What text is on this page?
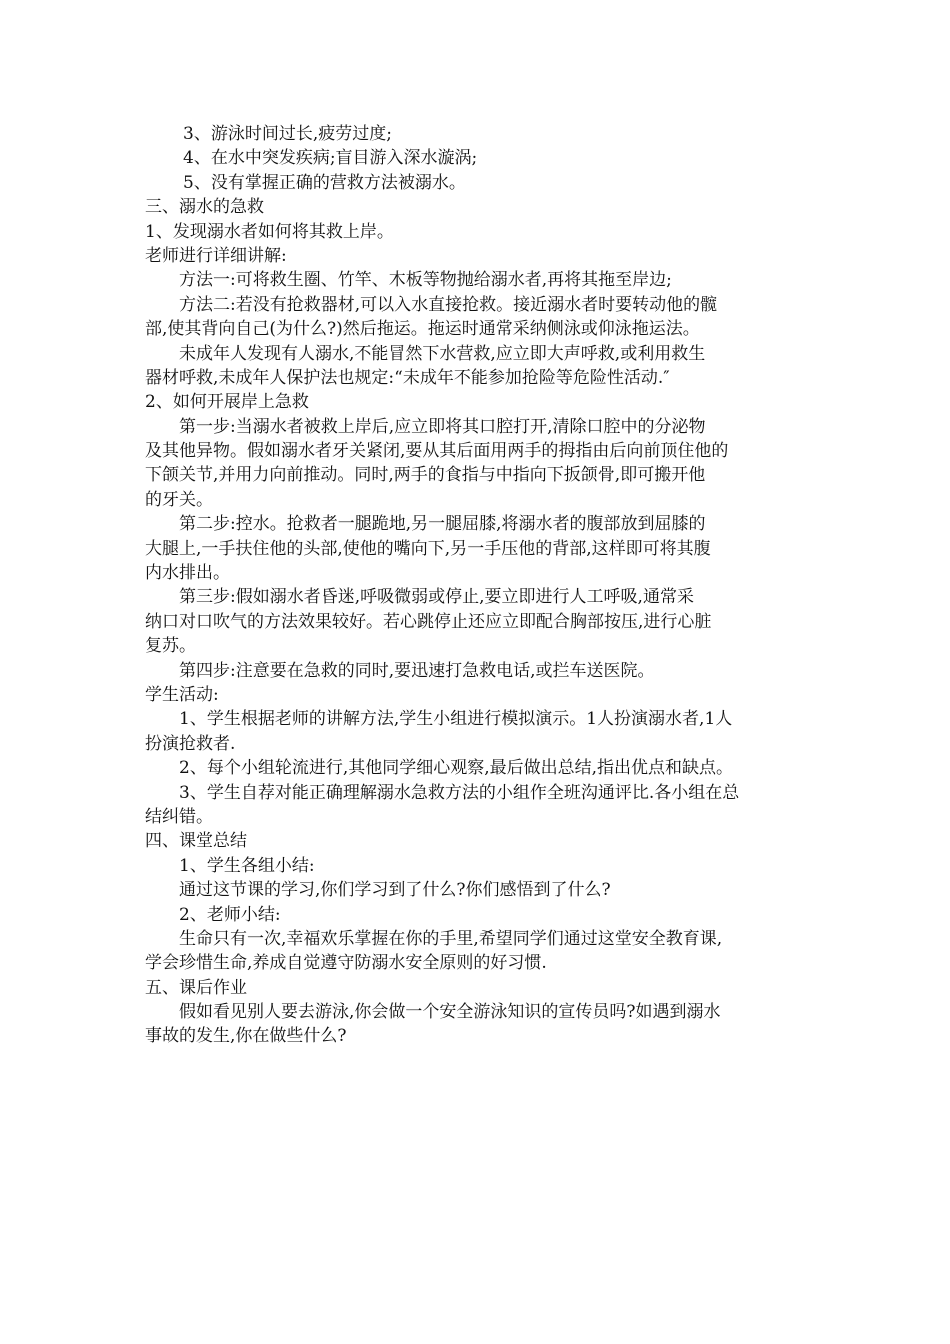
3、游泳时间过长,疲劳过度;
4、在水中突发疾病;盲目游入深水漩涡;
5、没有掌握正确的营救方法被溺水。
三、溺水的急救
1、发现溺水者如何将其救上岸。
老师进行详细讲解:
方法一:可将救生圈、竹竿、木板等物抛给溺水者,再将其拖至岸边;
方法二:若没有抢救器材,可以入水直接抢救。接近溺水者时要转动他的髋
部,使其背向自己(为什么?)然后拖运。拖运时通常采纳侧泳或仰泳拖运法。
未成年人发现有人溺水,不能冒然下水营救,应立即大声呼救,或利用救生
器材呼救,未成年人保护法也规定:“未成年不能参加抢险等危险性活动.″
2、如何开展岸上急救
第一步:当溺水者被救上岸后,应立即将其口腔打开,清除口腔中的分泌物
及其他异物。假如溺水者牙关紧闭,要从其后面用两手的拇指由后向前顶住他的
下颌关节,并用力向前推动。同时,两手的食指与中指向下扳颌骨,即可搬开他
的牙关。
第二步:控水。抢救者一腿跪地,另一腿屈膝,将溺水者的腹部放到屈膝的
大腿上,一手扶住他的头部,使他的嘴向下,另一手压他的背部,这样即可将其腹
内水排出。
第三步:假如溺水者昏迷,呼吸微弱或停止,要立即进行人工呼吸,通常采
纳口对口吹气的方法效果较好。若心跳停止还应立即配合胸部按压,进行心脏
复苏。
第四步:注意要在急救的同时,要迅速打急救电话,或拦车送医院。
学生活动:
1、学生根据老师的讲解方法,学生小组进行模拟演示。1人扮演溺水者,1人
扮演抢救者.
2、每个小组轮流进行,其他同学细心观察,最后做出总结,指出优点和缺点。
3、学生自荐对能正确理解溺水急救方法的小组作全班沟通评比.各小组在总
结纠错。
四、课堂总结
1、学生各组小结:
通过这节课的学习,你们学习到了什么?你们感悟到了什么?
2、老师小结:
生命只有一次,幸福欢乐掌握在你的手里,希望同学们通过这堂安全教育课,
学会珍惜生命,养成自觉遵守防溺水安全原则的好习惯.
五、课后作业
假如看见别人要去游泳,你会做一个安全游泳知识的宣传员吗?如遇到溺水
事故的发生,你在做些什么?
